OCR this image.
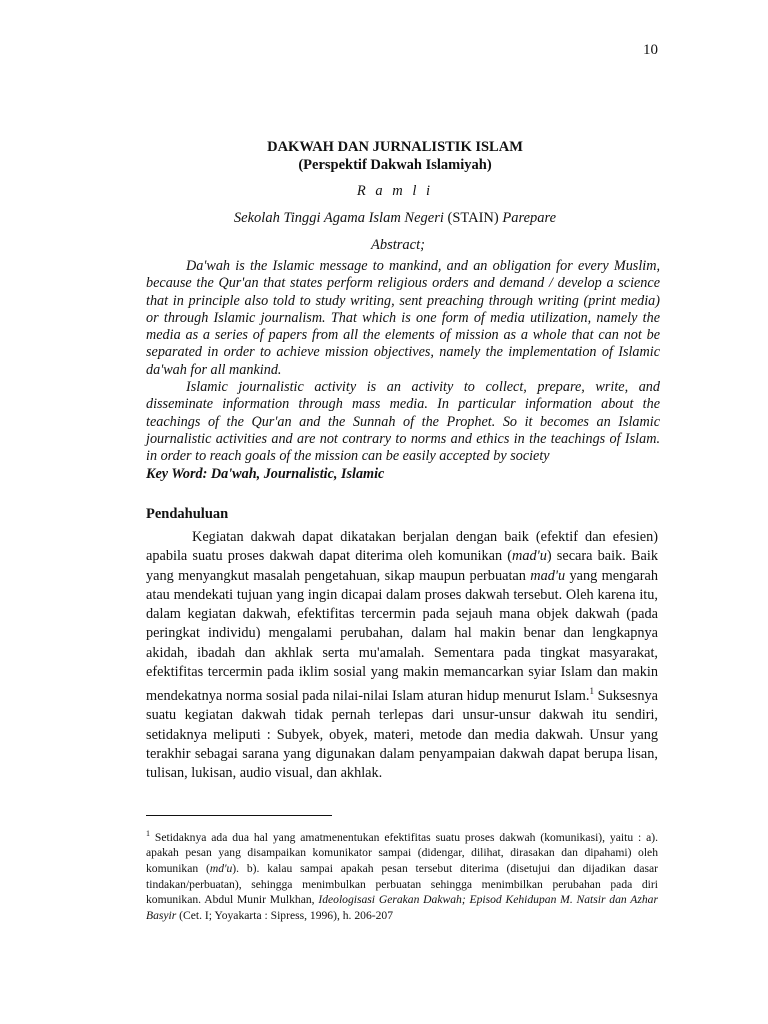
10
DAKWAH DAN JURNALISTIK ISLAM
(Perspektif Dakwah Islamiyah)
R a m l i
Sekolah Tinggi Agama Islam Negeri (STAIN) Parepare
Abstract;

Da'wah is the Islamic message to mankind, and an obligation for every Muslim, because the Qur'an that states perform religious orders and demand / develop a science that in principle also told to study writing, sent preaching through writing (print media) or through Islamic journalism. That which is one form of media utilization, namely the media as a series of papers from all the elements of mission as a whole that can not be separated in order to achieve mission objectives, namely the implementation of Islamic da'wah for all mankind.

Islamic journalistic activity is an activity to collect, prepare, write, and disseminate information through mass media. In particular information about the teachings of the Qur'an and the Sunnah of the Prophet. So it becomes an Islamic journalistic activities and are not contrary to norms and ethics in the teachings of Islam. in order to reach goals of the mission can be easily accepted by society

Key Word: Da'wah, Journalistic, Islamic
Pendahuluan

Kegiatan dakwah dapat dikatakan berjalan dengan baik (efektif dan efesien) apabila suatu proses dakwah dapat diterima oleh komunikan (mad'u) secara baik. Baik yang menyangkut masalah pengetahuan, sikap maupun perbuatan mad'u yang mengarah atau mendekati tujuan yang ingin dicapai dalam proses dakwah tersebut. Oleh karena itu, dalam kegiatan dakwah, efektifitas tercermin pada sejauh mana objek dakwah (pada peringkat individu) mengalami perubahan, dalam hal makin benar dan lengkapnya akidah, ibadah dan akhlak serta mu'amalah. Sementara pada tingkat masyarakat, efektifitas tercermin pada iklim sosial yang makin memancarkan syiar Islam dan makin mendekatnya norma sosial pada nilai-nilai Islam aturan hidup menurut Islam.$^1$ Suksesnya suatu kegiatan dakwah tidak pernah terlepas dari unsur-unsur dakwah itu sendiri, setidaknya meliputi : Subyek, obyek, materi, metode dan media dakwah. Unsur yang terakhir sebagai sarana yang digunakan dalam penyampaian dakwah dapat berupa lisan, tulisan, lukisan, audio visual, dan akhlak.

$^1$ Setidaknya ada dua hal yang amatmenentukan efektifitas suatu proses dakwah (komunikasi), yaitu : a). apakah pesan yang disampaikan komunikator sampai (didengar, dilihat, dirasakan dan dipahami) oleh komunikan (md'u). b). kalau sampai apakah pesan tersebut diterima (disetujui dan dijadikan dasar tindakan/perbuatan), sehingga menimbulkan perbuatan sehingga menimbilkan perubahan pada diri komunikan. Abdul Munir Mulkhan, Ideologisasi Gerakan Dakwah; Episod Kehidupan M. Natsir dan Azhar Basyir (Cet. I; Yoyakarta : Sipress, 1996), h. 206-207
